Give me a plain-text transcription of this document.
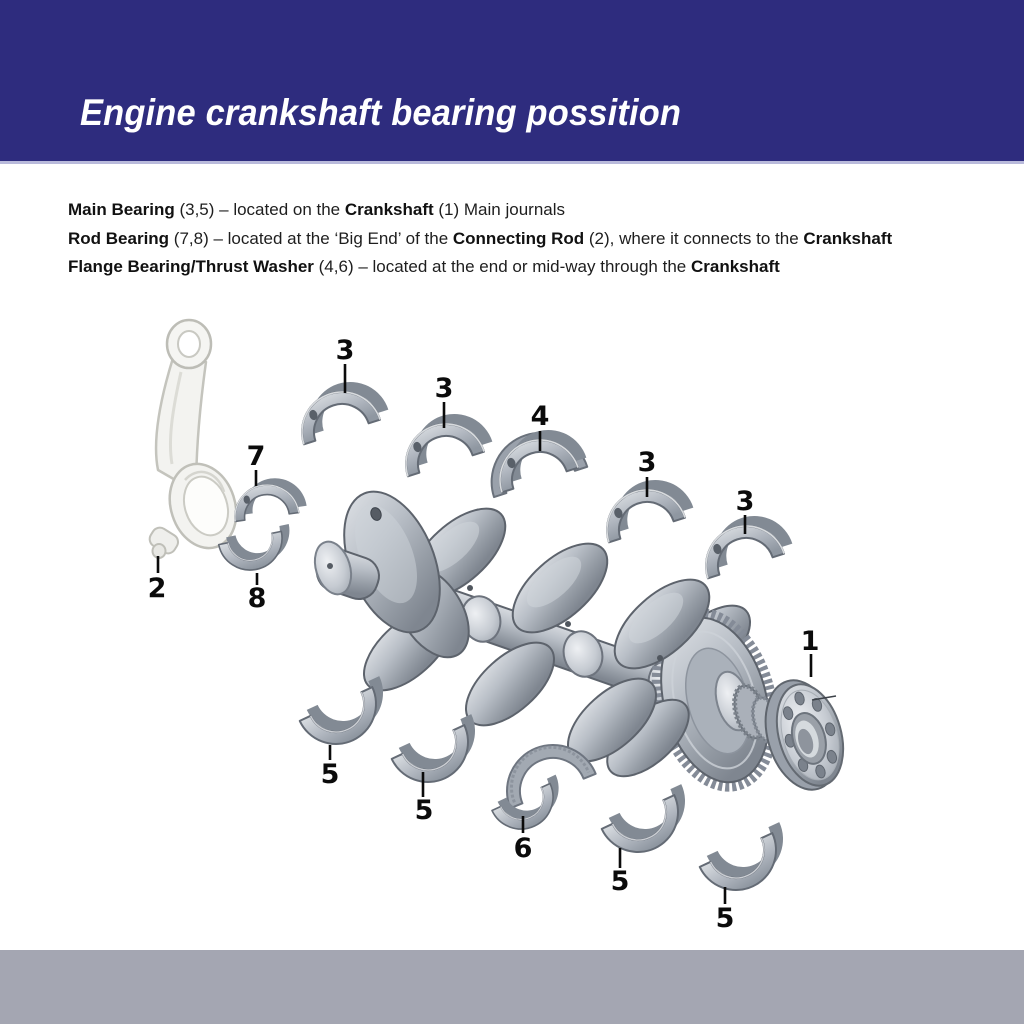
Engine crankshaft bearing possition

Main Bearing (3,5) – located on the Crankshaft (1) Main journals

Rod Bearing (7,8) – located at the ‘Big End’ of the Connecting Rod (2), where it connects to the Crankshaft

Flange Bearing/Thrust Washer (4,6) – located at the end or mid-way through the Crankshaft

1
2
3
3
3
3
4
5
5
5
5
6
7
8
